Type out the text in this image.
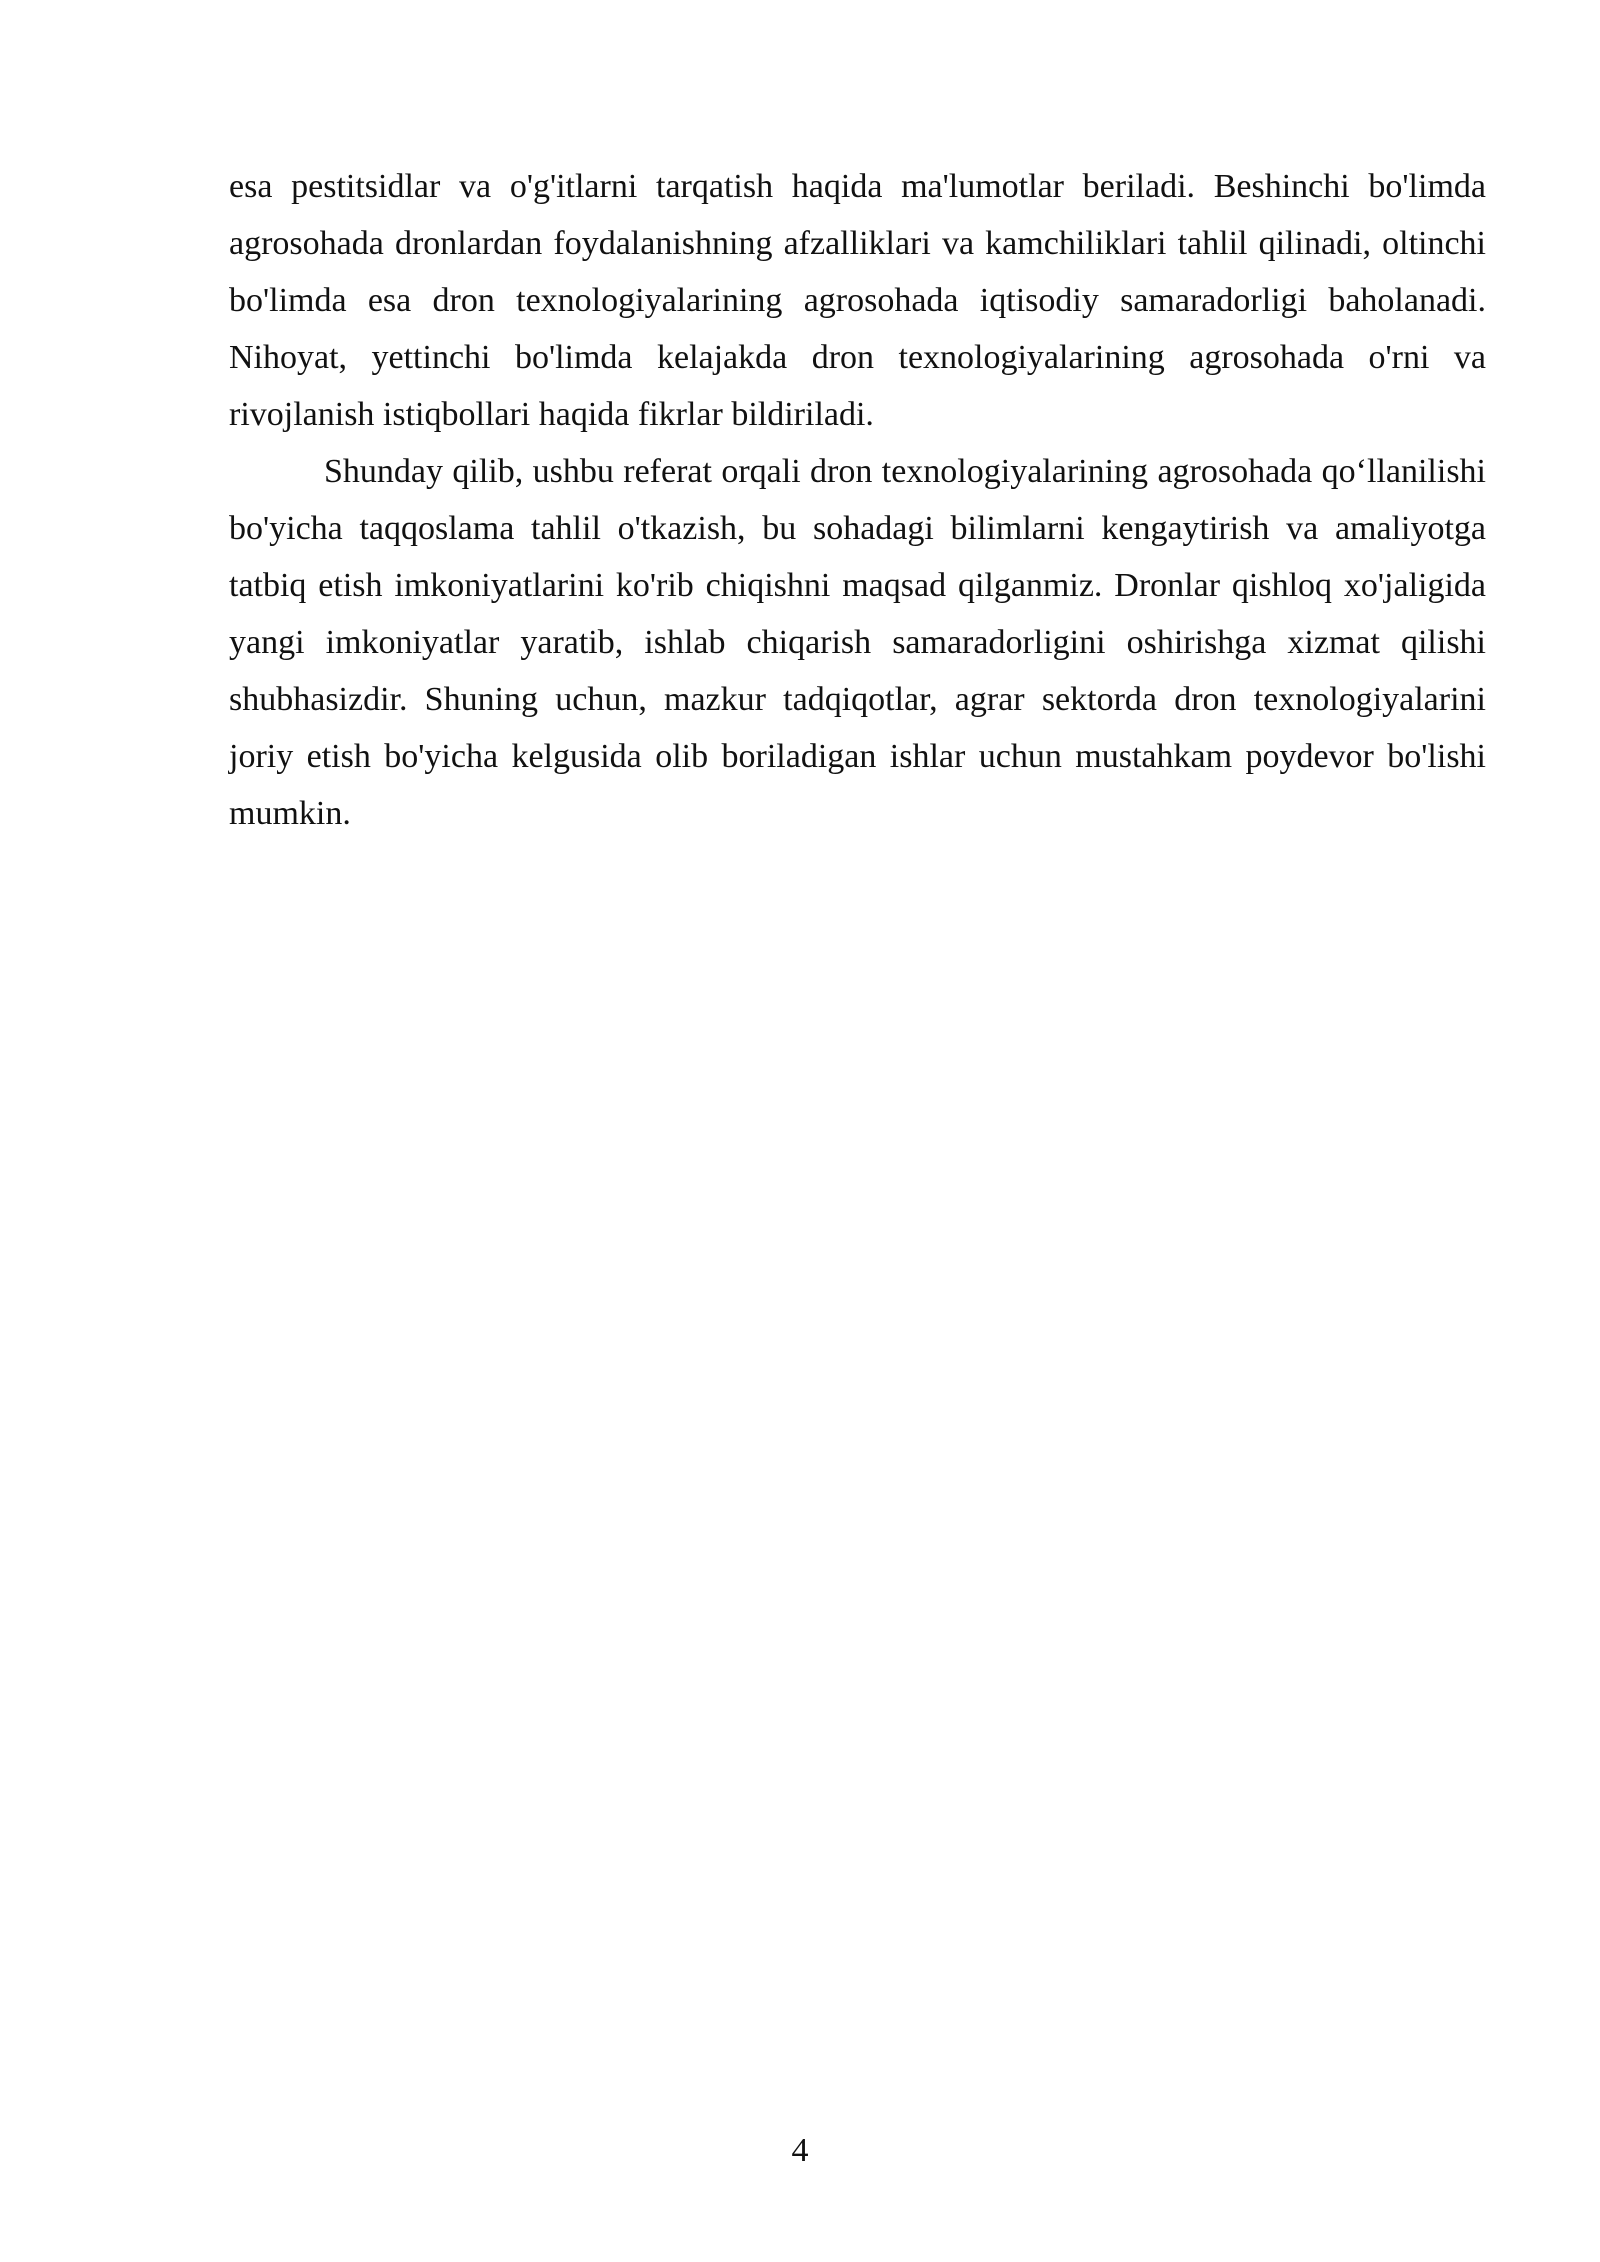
esa pestitsidlar va o'g'itlarni tarqatish haqida ma'lumotlar beriladi. Beshinchi bo'limda agrosohada dronlardan foydalanishning afzalliklari va kamchiliklari tahlil qilinadi, oltinchi bo'limda esa dron texnologiyalarining agrosohada iqtisodiy samaradorligi baholanadi. Nihoyat, yettinchi bo'limda kelajakda dron texnologiyalarining agrosohada o'rni va rivojlanish istiqbollari haqida fikrlar bildiriladi.

Shunday qilib, ushbu referat orqali dron texnologiyalarining agrosohada qo‘llanilishi bo'yicha taqqoslama tahlil o'tkazish, bu sohadagi bilimlarni kengaytirish va amaliyotga tatbiq etish imkoniyatlarini ko'rib chiqishni maqsad qilganmiz. Dronlar qishloq xo'jaligida yangi imkoniyatlar yaratib, ishlab chiqarish samaradorligini oshirishga xizmat qilishi shubhasizdir. Shuning uchun, mazkur tadqiqotlar, agrar sektorda dron texnologiyalarini joriy etish bo'yicha kelgusida olib boriladigan ishlar uchun mustahkam poydevor bo'lishi mumkin.

4
